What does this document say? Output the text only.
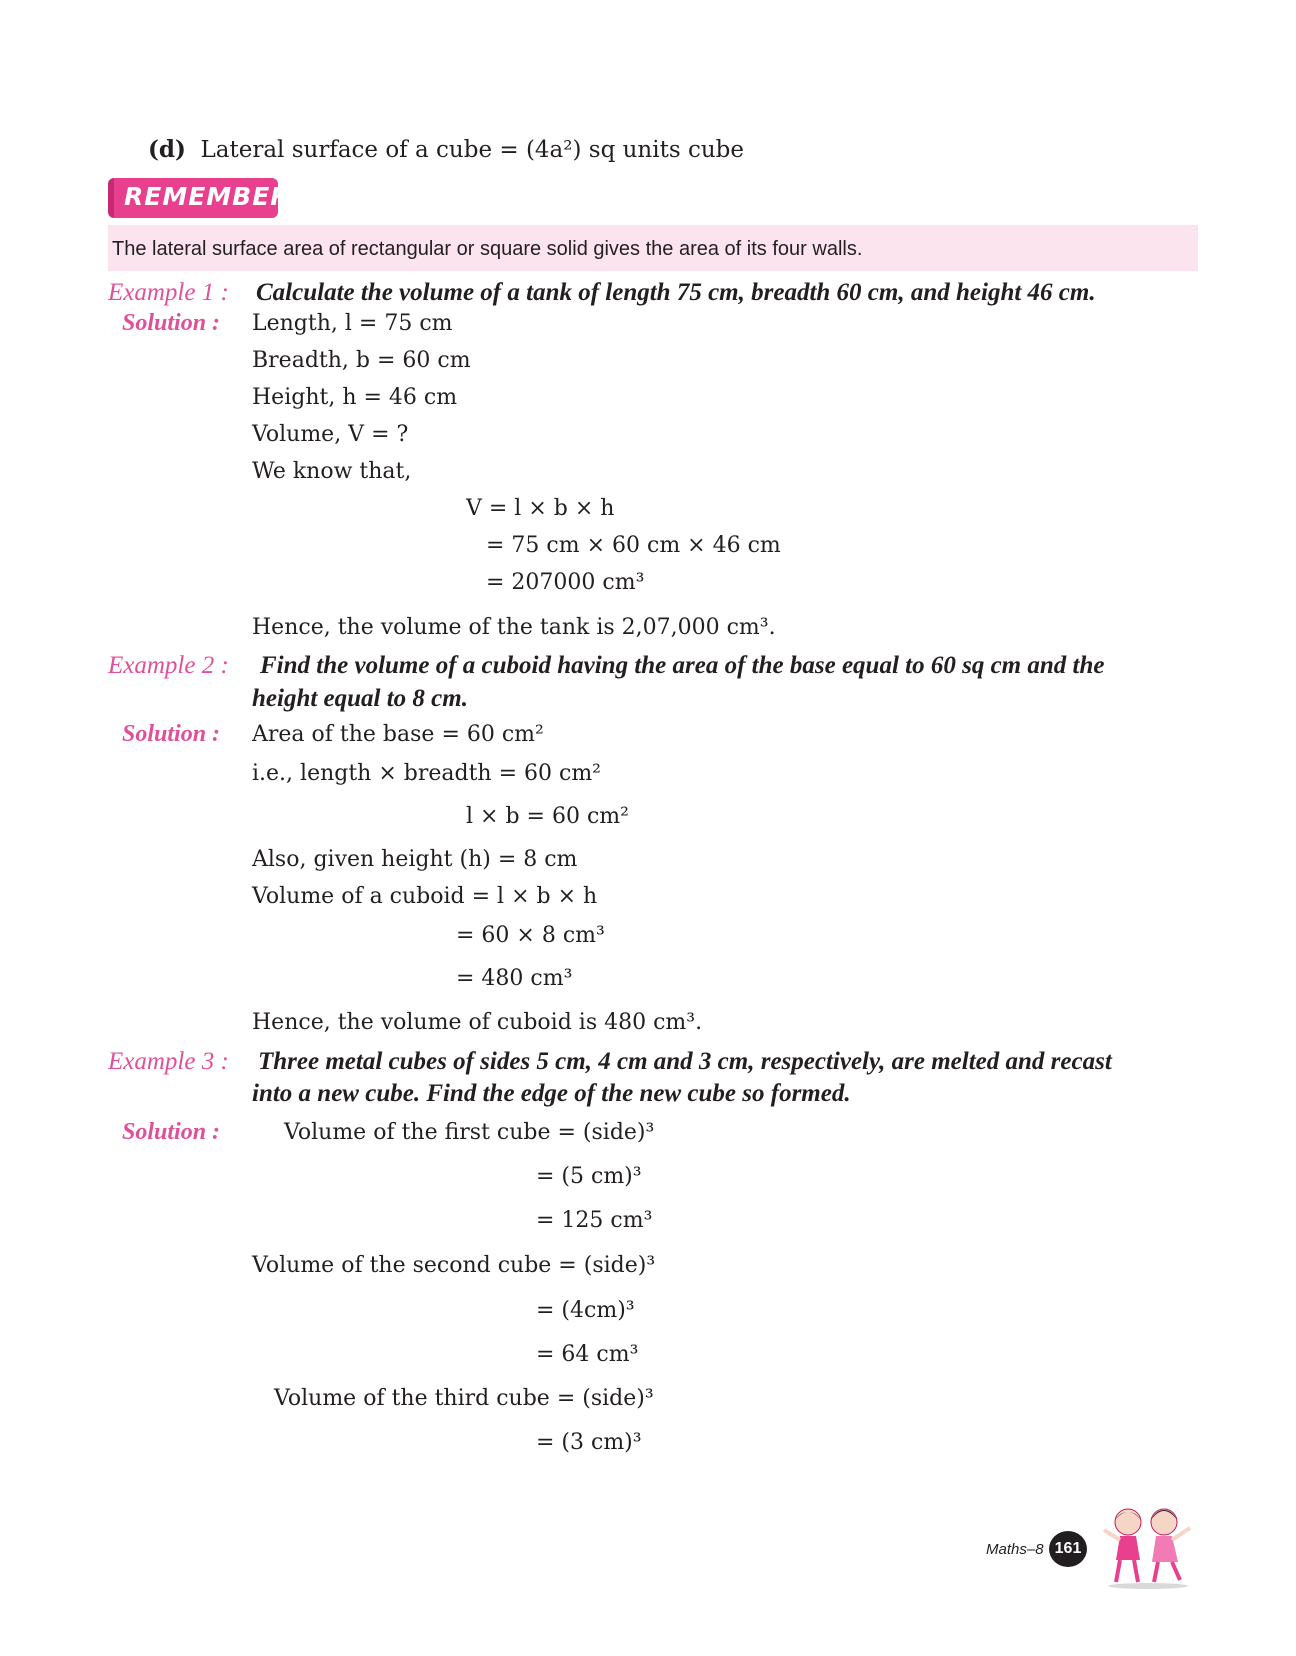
(d) Lateral surface of a cube = (4a²) sq units cube
REMEMBER
The lateral surface area of rectangular or square solid gives the area of its four walls.
Example 1 : Calculate the volume of a tank of length 75 cm, breadth 60 cm, and height 46 cm.
Solution : Length, l = 75 cm
Breadth, b = 60 cm
Height, h = 46 cm
Volume, V = ?
We know that,
V = l × b × h
= 75 cm × 60 cm × 46 cm
= 207000 cm³
Hence, the volume of the tank is 2,07,000 cm³.
Example 2 : Find the volume of a cuboid having the area of the base equal to 60 sq cm and the
height equal to 8 cm.
Solution : Area of the base = 60 cm²
i.e., length × breadth = 60 cm²
l × b = 60 cm²
Also, given height (h) = 8 cm
Volume of a cuboid = l × b × h
= 60 × 8 cm³
= 480 cm³
Hence, the volume of cuboid is 480 cm³.
Example 3 : Three metal cubes of sides 5 cm, 4 cm and 3 cm, respectively, are melted and recast
into a new cube. Find the edge of the new cube so formed.
Solution :	Volume of the first cube = (side)³
= (5 cm)³
= 125 cm³
Volume of the second cube = (side)³
= (4cm)³
= 64 cm³
Volume of the third cube = (side)³
= (3 cm)³
Maths–8 161
